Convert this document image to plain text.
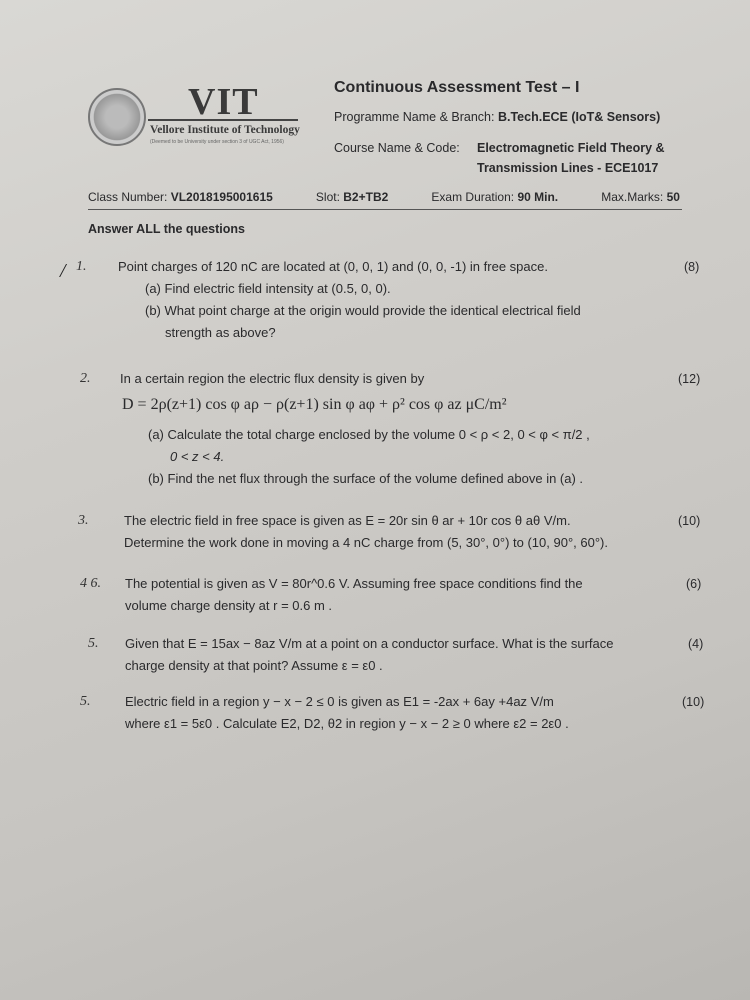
VIT
Vellore Institute of Technology
(Deemed to be University under section 3 of UGC Act, 1956)
Continuous Assessment Test – I
Programme Name & Branch: B.Tech.ECE (IoT& Sensors)
Course Name & Code: Electromagnetic Field Theory &
Transmission Lines - ECE1017
Class Number: VL2018195001615	Slot: B2+TB2	Exam Duration: 90 Min.	Max.Marks: 50
Answer ALL the questions
1.
/	Point charges of 120 nC are located at (0, 0, 1) and (0, 0, -1) in free space.	(8)
(a) Find electric field intensity at (0.5, 0, 0).
(b) What point charge at the origin would provide the identical electrical field
strength as above?
2. In a certain region the electric flux density is given by	(12)
D = 2ρ(z+1) cos φ aρ − ρ(z+1) sin φ aφ + ρ² cos φ az μC/m²
(a) Calculate the total charge enclosed by the volume 0 < ρ < 2, 0 < φ < π/2 ,
0 < z < 4.
(b) Find the net flux through the surface of the volume defined above in (a) .
3.	The electric field in free space is given as E = 20r sin θ ar + 10r cos θ aθ V/m.
Determine the work done in moving a 4 nC charge from (5, 30°, 0°) to (10, 90°, 60°).
(10)
4 6. The potential is given as V = 80r^0.6 V. Assuming free space conditions find the
volume charge density at r = 0.6 m .
(6)
5. Given that E = 15ax − 8az V/m at a point on a conductor surface. What is the surface
charge density at that point? Assume ε = ε0 .
(4)
5.	Electric field in a region y − x − 2 ≤ 0 is given as E1 = -2ax + 6ay +4az V/m
where ε1 = 5ε0 . Calculate E2, D2, θ2 in region y − x − 2 ≥ 0 where ε2 = 2ε0 .
(10)
